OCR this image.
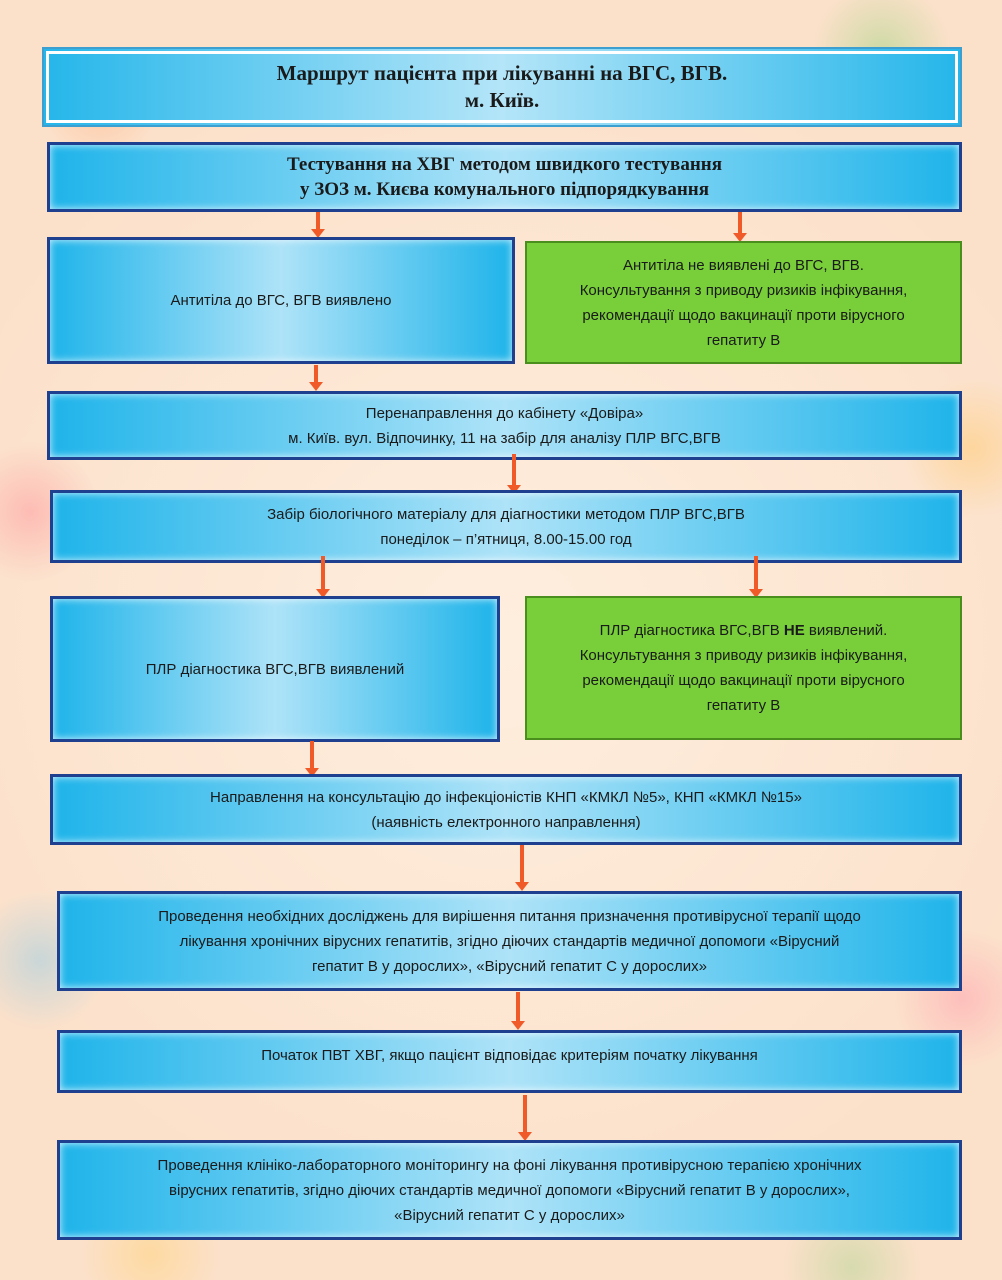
Маршрут пацієнта при лікуванні на ВГС, ВГВ.
м. Київ.
Тестування на ХВГ методом швидкого тестування
у ЗОЗ м. Києва комунального підпорядкування
Антитіла до ВГС, ВГВ виявлено
Антитіла не виявлені до ВГС, ВГВ.
Консультування з приводу ризиків інфікування,
рекомендації щодо вакцинації проти вірусного
гепатиту В
Перенаправлення до кабінету «Довіра»
м. Київ. вул. Відпочинку, 11 на забір для аналізу ПЛР ВГС,ВГВ
Забір біологічного матеріалу для діагностики методом ПЛР ВГС,ВГВ
понеділок – п’ятниця, 8.00-15.00 год
ПЛР діагностика ВГС,ВГВ виявлений
ПЛР діагностика ВГС,ВГВ НЕ виявлений.
Консультування з приводу ризиків інфікування,
рекомендації щодо вакцинації проти вірусного
гепатиту В
Направлення на консультацію до інфекціоністів КНП «КМКЛ №5», КНП «КМКЛ №15»
(наявність електронного направлення)
Проведення необхідних досліджень для вирішення питання призначення противірусної терапії щодо
лікування хронічних вірусних гепатитів, згідно діючих стандартів медичної допомоги «Вірусний
гепатит В у дорослих», «Вірусний гепатит С у дорослих»
Початок ПВТ ХВГ, якщо пацієнт відповідає критеріям початку лікування
Проведення клініко-лабораторного моніторингу на фоні лікування противірусною терапією хронічних
вірусних гепатитів, згідно діючих стандартів медичної допомоги «Вірусний гепатит В у дорослих»,
«Вірусний гепатит С у дорослих»
